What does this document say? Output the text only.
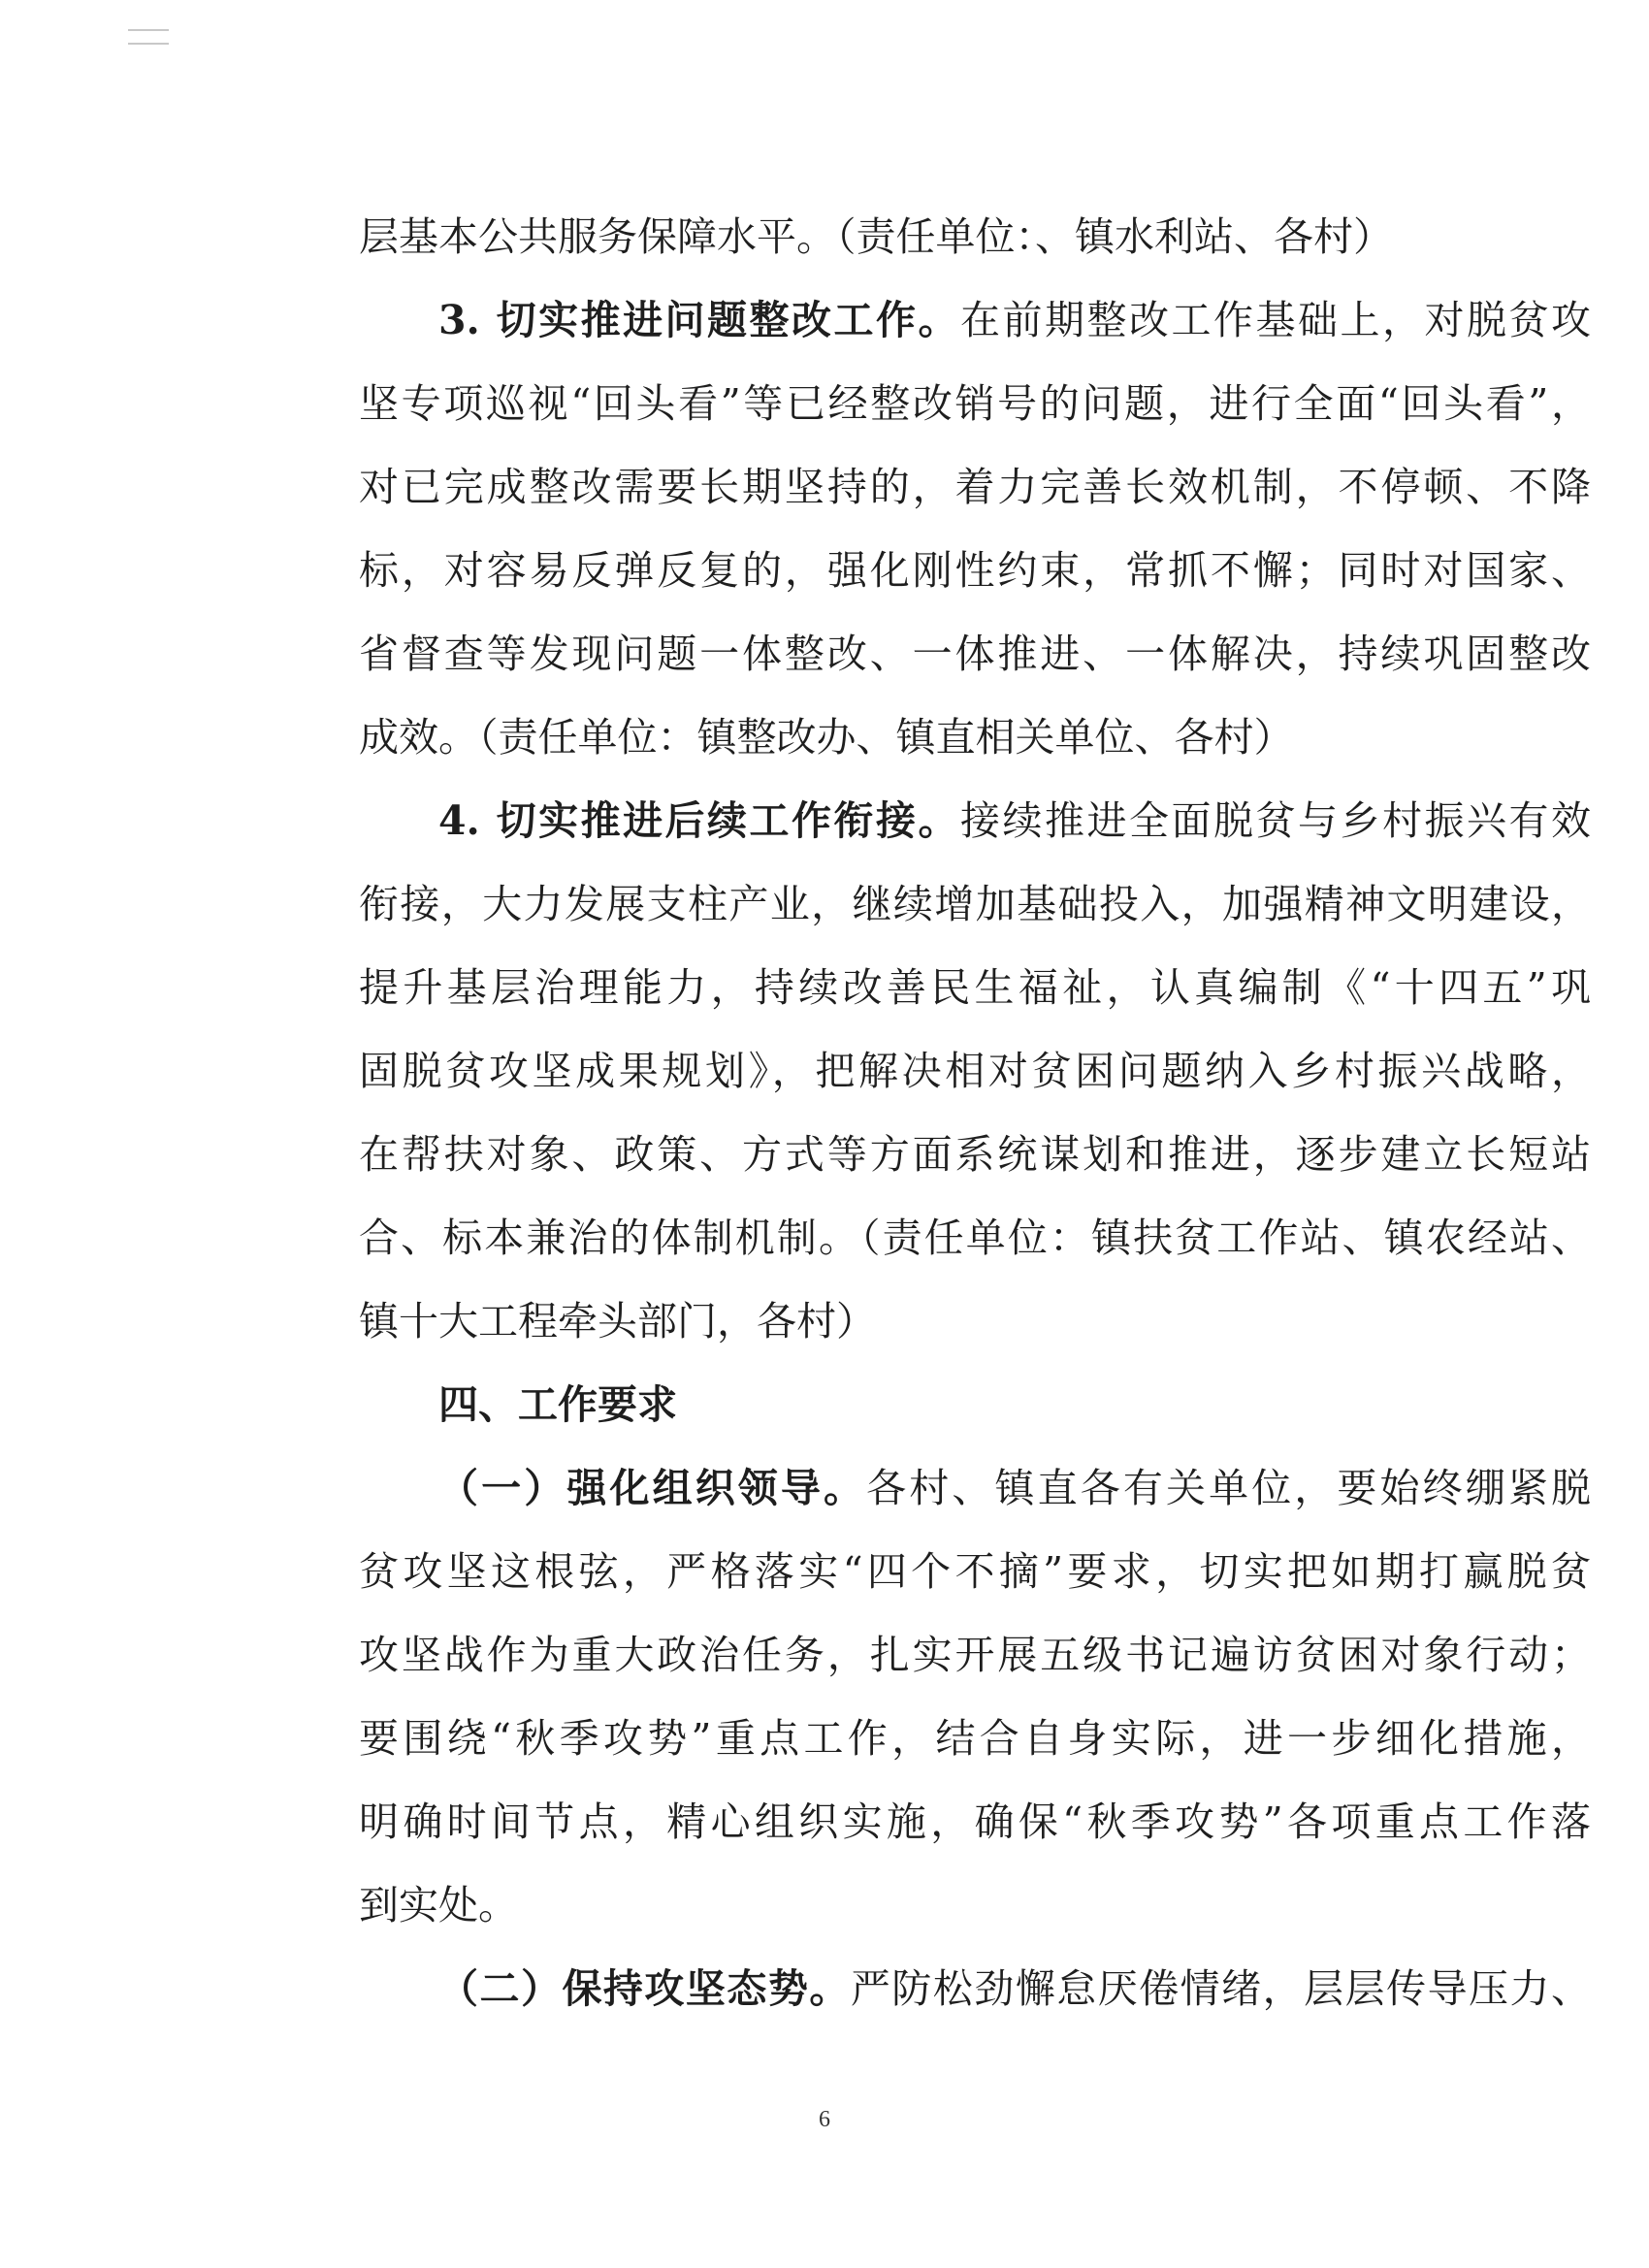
层基本公共服务保障水平。（责任单位：、镇水利站、各村）
3. 切实推进问题整改工作。在前期整改工作基础上，对脱贫攻
坚专项巡视“回头看”等已经整改销号的问题，进行全面“回头看”，
对已完成整改需要长期坚持的，着力完善长效机制，不停顿、不降
标，对容易反弹反复的，强化刚性约束，常抓不懈；同时对国家、
省督查等发现问题一体整改、一体推进、一体解决，持续巩固整改
成效。（责任单位：镇整改办、镇直相关单位、各村）
4. 切实推进后续工作衔接。接续推进全面脱贫与乡村振兴有效
衔接，大力发展支柱产业，继续增加基础投入，加强精神文明建设，
提升基层治理能力，持续改善民生福祉，认真编制《“十四五”巩
固脱贫攻坚成果规划》，把解决相对贫困问题纳入乡村振兴战略，
在帮扶对象、政策、方式等方面系统谋划和推进，逐步建立长短站
合、标本兼治的体制机制。（责任单位：镇扶贫工作站、镇农经站、
镇十大工程牵头部门，各村）
四、工作要求
（一）强化组织领导。各村、镇直各有关单位，要始终绷紧脱
贫攻坚这根弦，严格落实“四个不摘”要求，切实把如期打赢脱贫
攻坚战作为重大政治任务，扎实开展五级书记遍访贫困对象行动；
要围绕“秋季攻势”重点工作，结合自身实际，进一步细化措施，
明确时间节点，精心组织实施，确保“秋季攻势”各项重点工作落
到实处。
（二）保持攻坚态势。严防松劲懈怠厌倦情绪，层层传导压力、
6
